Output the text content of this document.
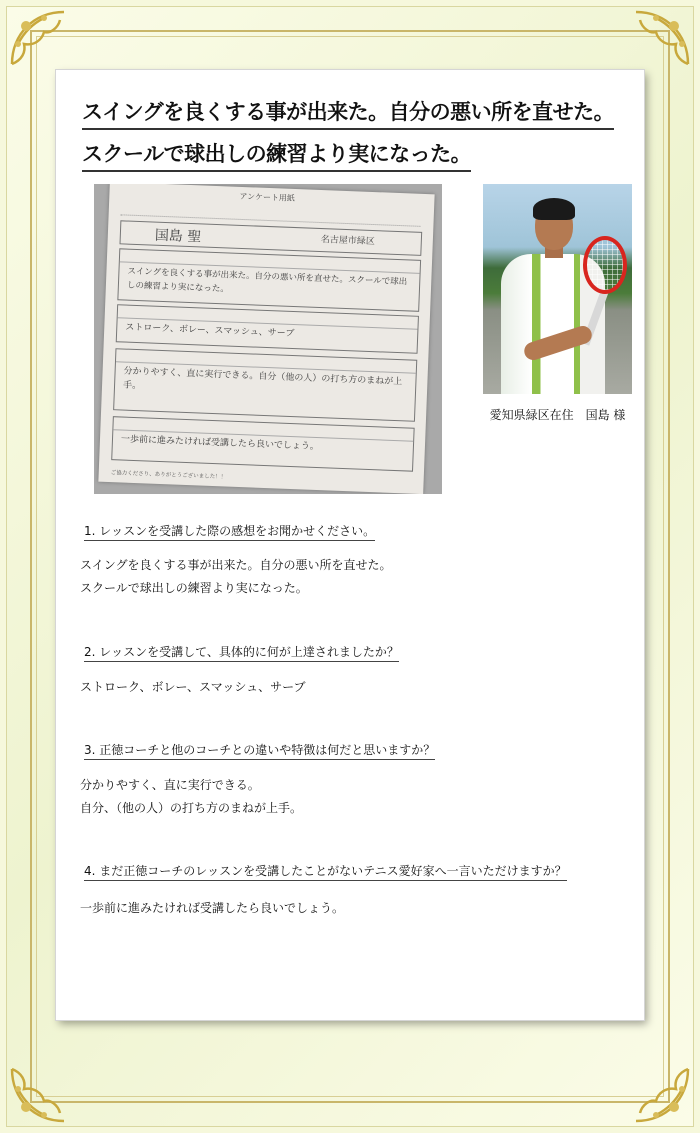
スイングを良くする事が出来た。自分の悪い所を直せた。
スクールで球出しの練習より実になった。
アンケート用紙
国島 聖	名古屋市緑区
スイングを良くする事が出来た。自分の悪い所を直せた。スクールで球出しの練習より実になった。
ストローク、ボレー、スマッシュ、サーブ
分かりやすく、直に実行できる。自分（他の人）の打ち方のまねが上手。
一歩前に進みたければ受講したら良いでしょう。
ご協力くださり、ありがとうございました！！
愛知県緑区在住　国島 様
1. レッスンを受講した際の感想をお聞かせください。
スイングを良くする事が出来た。自分の悪い所を直せた。
スクールで球出しの練習より実になった。
2. レッスンを受講して、具体的に何が上達されましたか？
ストローク、ボレー、スマッシュ、サーブ
3. 正徳コーチと他のコーチとの違いや特徴は何だと思いますか？
分かりやすく、直に実行できる。
自分、（他の人）の打ち方のまねが上手。
4. まだ正徳コーチのレッスンを受講したことがないテニス愛好家へ一言いただけますか？
一歩前に進みたければ受講したら良いでしょう。
